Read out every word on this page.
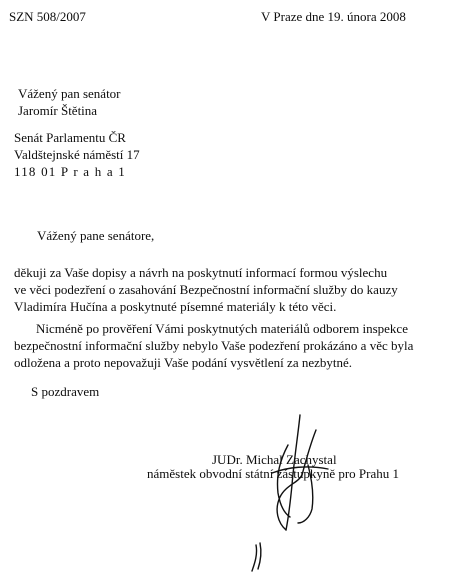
SZN 508/2007	V Praze dne 19. února 2008
Vážený pan senátor
Jaromír Štětina
Senát Parlamentu ČR
Valdštejnské náměstí 17
118 01 P r a h a 1
Vážený pane senátore,
děkuji za Vaše dopisy a návrh na poskytnutí informací formou výslechu
ve věci podezření o zasahování Bezpečnostní informační služby do kauzy
Vladimíra Hučína a poskytnuté písemné materiály k této věci.
Nicméně po prověření Vámi poskytnutých materiálů odborem inspekce
bezpečnostní informační služby nebylo Vaše podezření prokázáno a věc byla
odložena a proto nepovažuji Vaše podání vysvětlení za nezbytné.
S pozdravem
JUDr. Michal Zachystal
náměstek obvodní státní zástupkyně pro Prahu 1
